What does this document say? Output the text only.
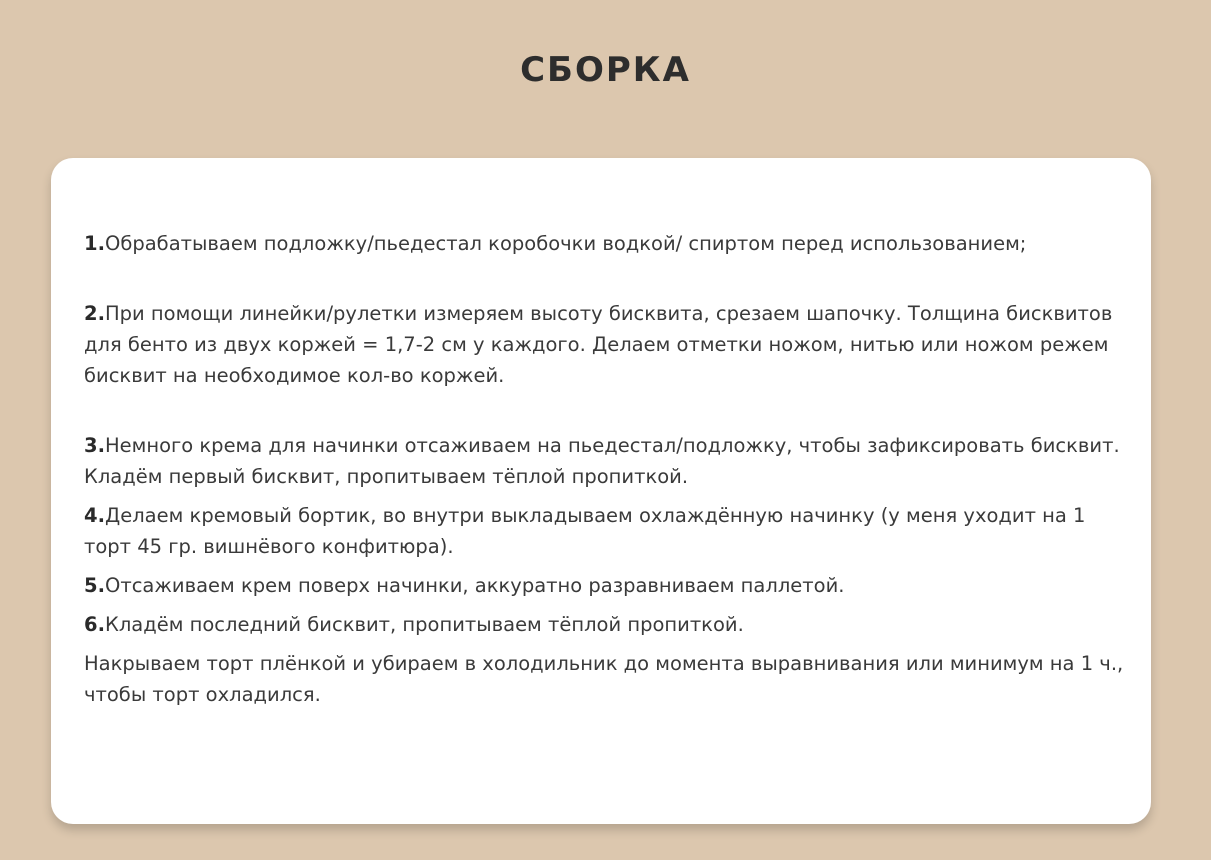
СБОРКА

1.Обрабатываем подложку/пьедестал коробочки водкой/ спиртом перед использованием;

2.При помощи линейки/рулетки измеряем высоту бисквита, срезаем шапочку. Толщина бисквитов для бенто из двух коржей = 1,7-2 см у каждого. Делаем отметки ножом, нитью или ножом режем бисквит на необходимое кол-во коржей.

3.Немного крема для начинки отсаживаем на пьедестал/подложку, чтобы зафиксировать бисквит. Кладём первый бисквит, пропитываем тёплой пропиткой.

4.Делаем кремовый бортик, во внутри выкладываем охлаждённую начинку (у меня уходит на 1 торт 45 гр. вишнёвого конфитюра).

5.Отсаживаем крем поверх начинки, аккуратно разравниваем паллетой.

6.Кладём последний бисквит, пропитываем тёплой пропиткой.

Накрываем торт плёнкой и убираем в холодильник до момента выравнивания или минимум на 1 ч., чтобы торт охладился.
